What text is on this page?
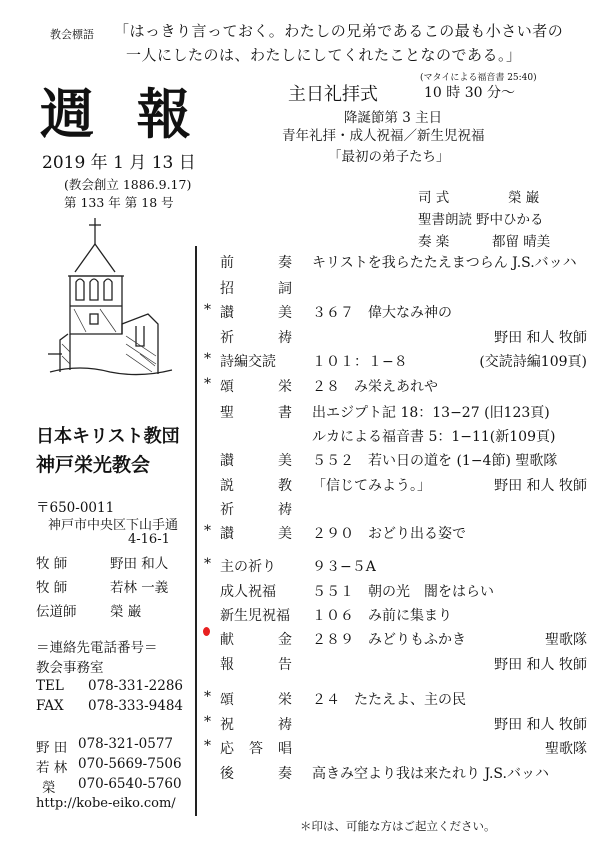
教会標語 「はっきり言っておく。わたしの兄弟であるこの最も小さい者の
一人にしたのは、わたしにしてくれたことなのである。」
(マタイによる福音書 25:40)
週 報
2019 年 1 月 13 日
(教会創立 1886.9.17)
第 133 年 第 18 号
主日礼拝式	10 時 30 分～
降誕節第 3 主日
青年礼拝・成人祝福／新生児祝福
「最初の弟子たち」
司 式	榮 巌
聖書朗読 野中ひかる
奏 楽	都留 晴美
日本キリスト教団
神戸栄光教会
〒650-0011
神戸市中央区下山手通
4-16-1
牧 師	野田 和人
牧 師	若林 一義
伝道師 榮 巌
＝連絡先電話番号＝
教会事務室
TEL 078-331-2286
FAX 078-333-9484
野 田 078-321-0577
若 林 070-5669-7506
榮 070-6540-5760
http://kobe-eiko.com/
前	奏 キリストを我らたたえまつらん J.S.バッハ
招	詞
* 讃	美 ３６７　偉大なみ神の
祈	祷	野田 和人 牧師
* 詩編交読	１０１：１−８	(交読詩編109頁)
* 頌	栄 ２８　み栄えあれや
聖	書 出エジプト記 18：13−27 (旧123頁)
ルカによる福音書 5：1−11(新109頁)
讃	美 ５５２　若い日の道を (1−4節) 聖歌隊
説	教 「信じてみよう。」	野田 和人 牧師
祈	祷
* 讃	美 ２９０　おどり出る姿で
* 主の祈り	９３−５A
成人祝福	５５１　朝の光　闇をはらい
新生児祝福 １０６　み前に集まり
献	金 ２８９　みどりもふかき	聖歌隊
報	告	野田 和人 牧師
* 頌	栄 ２４　たたえよ、主の民
* 祝	祷	野田 和人 牧師
* 応 答 唱	聖歌隊
後	奏 高きみ空より我は来たれり J.S.バッハ
＊印は、可能な方はご起立ください。
